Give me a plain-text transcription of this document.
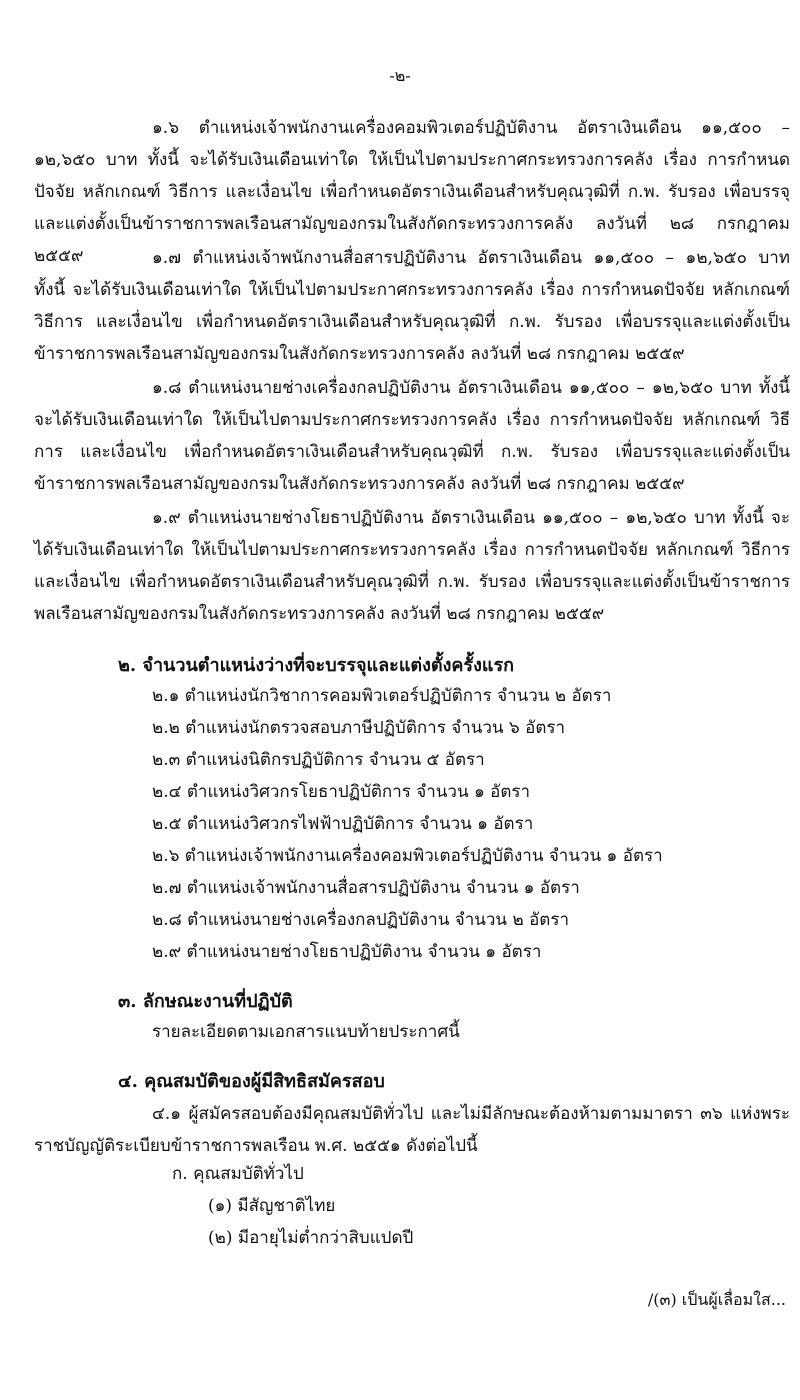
-๒-
๑.๖ ตำแหน่งเจ้าพนักงานเครื่องคอมพิวเตอร์ปฏิบัติงาน อัตราเงินเดือน ๑๑,๕๐๐ – ๑๒,๖๕๐ บาท ทั้งนี้ จะได้รับเงินเดือนเท่าใด ให้เป็นไปตามประกาศกระทรวงการคลัง เรื่อง การกำหนดปัจจัย หลักเกณฑ์ วิธีการ และเงื่อนไข เพื่อกำหนดอัตราเงินเดือนสำหรับคุณวุฒิที่ ก.พ. รับรอง เพื่อบรรจุและแต่งตั้งเป็นข้าราชการพลเรือนสามัญของกรมในสังกัดกระทรวงการคลัง ลงวันที่ ๒๘ กรกฎาคม ๒๕๕๙	๑.๗ ตำแหน่งเจ้าพนักงานสื่อสารปฏิบัติงาน อัตราเงินเดือน ๑๑,๕๐๐ – ๑๒,๖๕๐ บาท ทั้งนี้ จะได้รับเงินเดือนเท่าใด ให้เป็นไปตามประกาศกระทรวงการคลัง เรื่อง การกำหนดปัจจัย หลักเกณฑ์ วิธีการ และเงื่อนไข เพื่อกำหนดอัตราเงินเดือนสำหรับคุณวุฒิที่ ก.พ. รับรอง เพื่อบรรจุและแต่งตั้งเป็นข้าราชการพลเรือนสามัญของกรมในสังกัดกระทรวงการคลัง ลงวันที่ ๒๘ กรกฎาคม ๒๕๕๙
๑.๘ ตำแหน่งนายช่างเครื่องกลปฏิบัติงาน อัตราเงินเดือน ๑๑,๕๐๐ – ๑๒,๖๕๐ บาท ทั้งนี้ จะได้รับเงินเดือนเท่าใด ให้เป็นไปตามประกาศกระทรวงการคลัง เรื่อง การกำหนดปัจจัย หลักเกณฑ์ วิธีการ และเงื่อนไข เพื่อกำหนดอัตราเงินเดือนสำหรับคุณวุฒิที่ ก.พ. รับรอง เพื่อบรรจุและแต่งตั้งเป็นข้าราชการพลเรือนสามัญของกรมในสังกัดกระทรวงการคลัง ลงวันที่ ๒๘ กรกฎาคม ๒๕๕๙
๑.๙ ตำแหน่งนายช่างโยธาปฏิบัติงาน อัตราเงินเดือน ๑๑,๕๐๐ – ๑๒,๖๕๐ บาท ทั้งนี้ จะได้รับเงินเดือนเท่าใด ให้เป็นไปตามประกาศกระทรวงการคลัง เรื่อง การกำหนดปัจจัย หลักเกณฑ์ วิธีการ และเงื่อนไข เพื่อกำหนดอัตราเงินเดือนสำหรับคุณวุฒิที่ ก.พ. รับรอง เพื่อบรรจุและแต่งตั้งเป็นข้าราชการพลเรือนสามัญของกรมในสังกัดกระทรวงการคลัง ลงวันที่ ๒๘ กรกฎาคม ๒๕๕๙
๒. จำนวนตำแหน่งว่างที่จะบรรจุและแต่งตั้งครั้งแรก
๒.๑ ตำแหน่งนักวิชาการคอมพิวเตอร์ปฏิบัติการ จำนวน ๒ อัตรา
๒.๒ ตำแหน่งนักตรวจสอบภาษีปฏิบัติการ จำนวน ๖ อัตรา
๒.๓ ตำแหน่งนิติกรปฏิบัติการ จำนวน ๕ อัตรา
๒.๔ ตำแหน่งวิศวกรโยธาปฏิบัติการ จำนวน ๑ อัตรา
๒.๕ ตำแหน่งวิศวกรไฟฟ้าปฏิบัติการ จำนวน ๑ อัตรา
๒.๖ ตำแหน่งเจ้าพนักงานเครื่องคอมพิวเตอร์ปฏิบัติงาน จำนวน ๑ อัตรา
๒.๗ ตำแหน่งเจ้าพนักงานสื่อสารปฏิบัติงาน จำนวน ๑ อัตรา
๒.๘ ตำแหน่งนายช่างเครื่องกลปฏิบัติงาน จำนวน ๒ อัตรา
๒.๙ ตำแหน่งนายช่างโยธาปฏิบัติงาน จำนวน ๑ อัตรา
๓. ลักษณะงานที่ปฏิบัติ
รายละเอียดตามเอกสารแนบท้ายประกาศนี้
๔. คุณสมบัติของผู้มีสิทธิสมัครสอบ
๔.๑ ผู้สมัครสอบต้องมีคุณสมบัติทั่วไป และไม่มีลักษณะต้องห้ามตามมาตรา ๓๖ แห่งพระราชบัญญัติระเบียบข้าราชการพลเรือน พ.ศ. ๒๕๕๑ ดังต่อไปนี้
ก. คุณสมบัติทั่วไป
(๑) มีสัญชาติไทย
(๒) มีอายุไม่ต่ำกว่าสิบแปดปี
/(๓) เป็นผู้เลื่อมใส...
